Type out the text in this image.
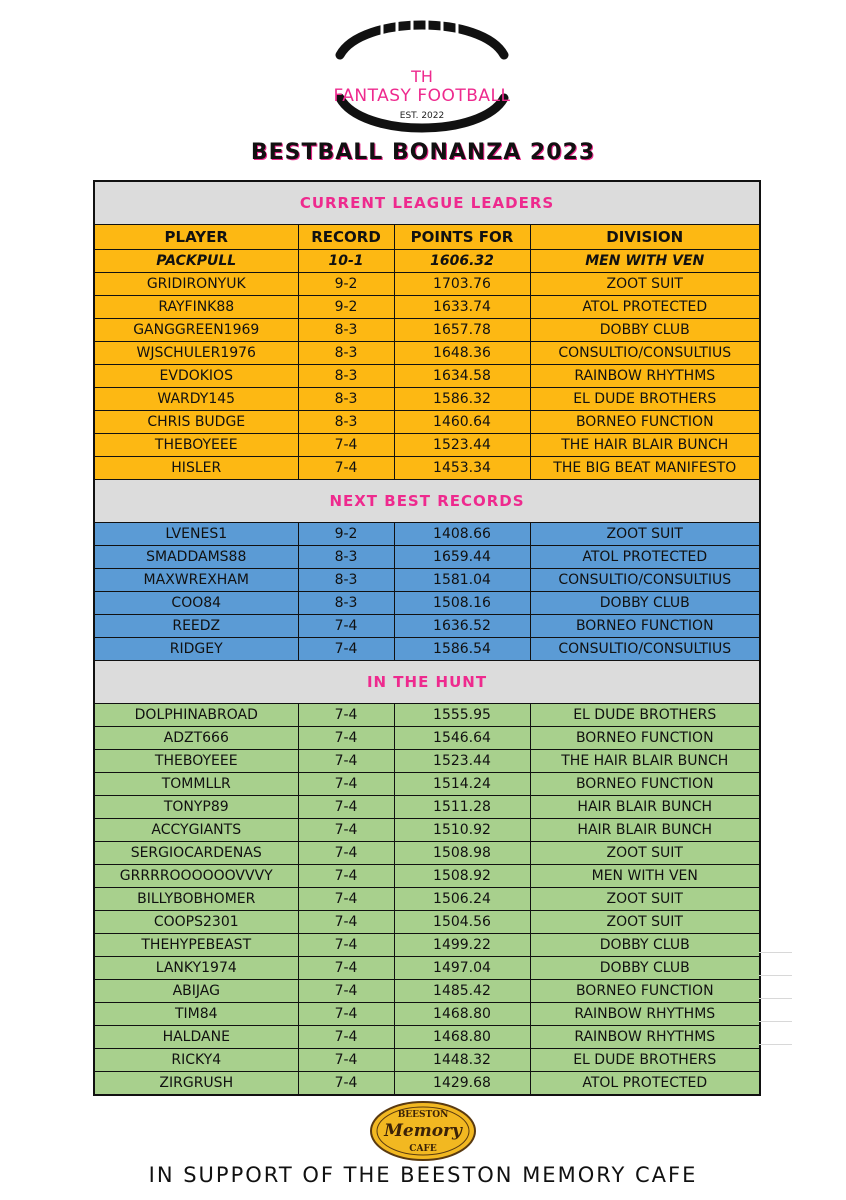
TH
FANTASY FOOTBALL
EST. 2022
BESTBALL BONANZA 2023
CURRENT LEAGUE LEADERS			
PLAYER	RECORD	POINTS FOR	DIVISION
PACKPULL	10-1	1606.32	MEN WITH VEN
GRIDIRONYUK	9-2	1703.76	ZOOT SUIT
RAYFINK88	9-2	1633.74	ATOL PROTECTED
GANGGREEN1969	8-3	1657.78	DOBBY CLUB
WJSCHULER1976	8-3	1648.36	CONSULTIO/CONSULTIUS
EVDOKIOS	8-3	1634.58	RAINBOW RHYTHMS
WARDY145	8-3	1586.32	EL DUDE BROTHERS
CHRIS BUDGE	8-3	1460.64	BORNEO FUNCTION
THEBOYEEE	7-4	1523.44	THE HAIR BLAIR BUNCH
HISLER	7-4	1453.34	THE BIG BEAT MANIFESTO
NEXT BEST RECORDS			
LVENES1	9-2	1408.66	ZOOT SUIT
SMADDAMS88	8-3	1659.44	ATOL PROTECTED
MAXWREXHAM	8-3	1581.04	CONSULTIO/CONSULTIUS
COO84	8-3	1508.16	DOBBY CLUB
REEDZ	7-4	1636.52	BORNEO FUNCTION
RIDGEY	7-4	1586.54	CONSULTIO/CONSULTIUS
IN THE HUNT			
DOLPHINABROAD	7-4	1555.95	EL DUDE BROTHERS
ADZT666	7-4	1546.64	BORNEO FUNCTION
THEBOYEEE	7-4	1523.44	THE HAIR BLAIR BUNCH
TOMMLLR	7-4	1514.24	BORNEO FUNCTION
TONYP89	7-4	1511.28	HAIR BLAIR BUNCH
ACCYGIANTS	7-4	1510.92	HAIR BLAIR BUNCH
SERGIOCARDENAS	7-4	1508.98	ZOOT SUIT
GRRRROOOOOOVVVY	7-4	1508.92	MEN WITH VEN
BILLYBOBHOMER	7-4	1506.24	ZOOT SUIT
COOPS2301	7-4	1504.56	ZOOT SUIT
THEHYPEBEAST	7-4	1499.22	DOBBY CLUB
LANKY1974	7-4	1497.04	DOBBY CLUB
ABIJAG	7-4	1485.42	BORNEO FUNCTION
TIM84	7-4	1468.80	RAINBOW RHYTHMS
HALDANE	7-4	1468.80	RAINBOW RHYTHMS
RICKY4	7-4	1448.32	EL DUDE BROTHERS
ZIRGRUSH	7-4	1429.68	ATOL PROTECTED
BEESTON
Memory
CAFE
IN SUPPORT OF THE BEESTON MEMORY CAFE
